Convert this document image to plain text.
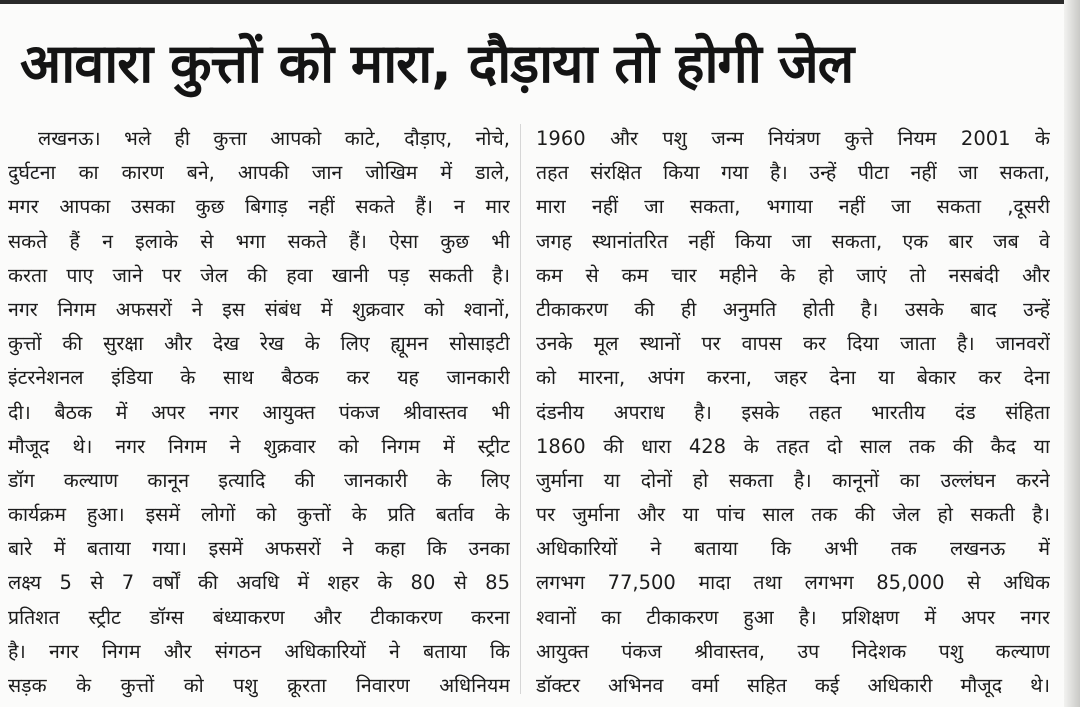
आवारा कुत्तों को मारा, दौड़ाया तो होगी जेल
लखनऊ। भले ही कुत्ता आपको काटे, दौड़ाए, नोचे,
दुर्घटना का कारण बने, आपकी जान जोखिम में डाले,
मगर आपका उसका कुछ बिगाड़ नहीं सकते हैं। न मार
सकते हैं न इलाके से भगा सकते हैं। ऐसा कुछ भी
करता पाए जाने पर जेल की हवा खानी पड़ सकती है।
नगर निगम अफसरों ने इस संबंध में शुक्रवार को श्वानों,
कुत्तों की सुरक्षा और देख रेख के लिए ह्यूमन सोसाइटी
इंटरनेशनल इंडिया के साथ बैठक कर यह जानकारी
दी। बैठक में अपर नगर आयुक्त पंकज श्रीवास्तव भी
मौजूद थे। नगर निगम ने शुक्रवार को निगम में स्ट्रीट
डॉग कल्याण कानून इत्यादि की जानकारी के लिए
कार्यक्रम हुआ। इसमें लोगों को कुत्तों के प्रति बर्ताव के
बारे में बताया गया। इसमें अफसरों ने कहा कि उनका
लक्ष्य 5 से 7 वर्षों की अवधि में शहर के 80 से 85
प्रतिशत स्ट्रीट डॉग्स बंध्याकरण और टीकाकरण करना
है। नगर निगम और संगठन अधिकारियों ने बताया कि
सड़क के कुत्तों को पशु क्रूरता निवारण अधिनियम
1960 और पशु जन्म नियंत्रण कुत्ते नियम 2001 के
तहत संरक्षित किया गया है। उन्हें पीटा नहीं जा सकता,
मारा नहीं जा सकता, भगाया नहीं जा सकता ,दूसरी
जगह स्थानांतरित नहीं किया जा सकता, एक बार जब वे
कम से कम चार महीने के हो जाएं तो नसबंदी और
टीकाकरण की ही अनुमति होती है। उसके बाद उन्हें
उनके मूल स्थानों पर वापस कर दिया जाता है। जानवरों
को मारना, अपंग करना, जहर देना या बेकार कर देना
दंडनीय अपराध है। इसके तहत भारतीय दंड संहिता
1860 की धारा 428 के तहत दो साल तक की कैद या
जुर्माना या दोनों हो सकता है। कानूनों का उल्लंघन करने
पर जुर्माना और या पांच साल तक की जेल हो सकती है।
अधिकारियों ने बताया कि अभी तक लखनऊ में
लगभग 77,500 मादा तथा लगभग 85,000 से अधिक
श्वानों का टीकाकरण हुआ है। प्रशिक्षण में अपर नगर
आयुक्त पंकज श्रीवास्तव, उप निदेशक पशु कल्याण
डॉक्टर अभिनव वर्मा सहित कई अधिकारी मौजूद थे।
